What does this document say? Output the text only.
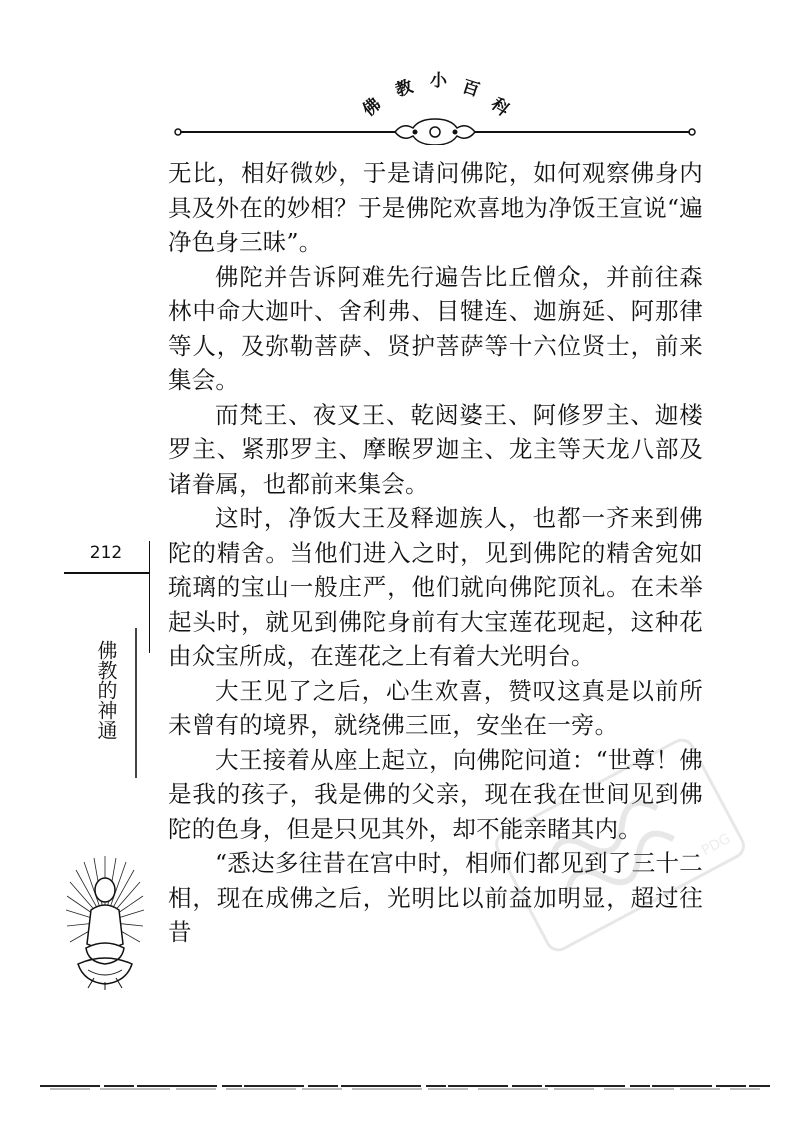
佛
教 小 百
科

无比，相好微妙，于是请问佛陀，如何观察佛身内具及外在的妙相？于是佛陀欢喜地为净饭王宣说“遍净色身三昧”。

佛陀并告诉阿难先行遍告比丘僧众，并前往森林中命大迦叶、舍利弗、目犍连、迦旃延、阿那律等人，及弥勒菩萨、贤护菩萨等十六位贤士，前来集会。

而梵王、夜叉王、乾闼婆王、阿修罗主、迦楼罗主、紧那罗主、摩睺罗迦主、龙主等天龙八部及诸眷属，也都前来集会。

这时，净饭大王及释迦族人，也都一齐来到佛陀的精舍。当他们进入之时，见到佛陀的精舍宛如琉璃的宝山一般庄严，他们就向佛陀顶礼。在未举起头时，就见到佛陀身前有大宝莲花现起，这种花由众宝所成，在莲花之上有着大光明台。

大王见了之后，心生欢喜，赞叹这真是以前所未曾有的境界，就绕佛三匝，安坐在一旁。

大王接着从座上起立，向佛陀问道：“世尊！佛是我的孩子，我是佛的父亲，现在我在世间见到佛陀的色身，但是只见其外，却不能亲睹其内。

“悉达多往昔在宫中时，相师们都见到了三十二相，现在成佛之后，光明比以前益加明显，超过往昔

212
佛教的神通
PDG
